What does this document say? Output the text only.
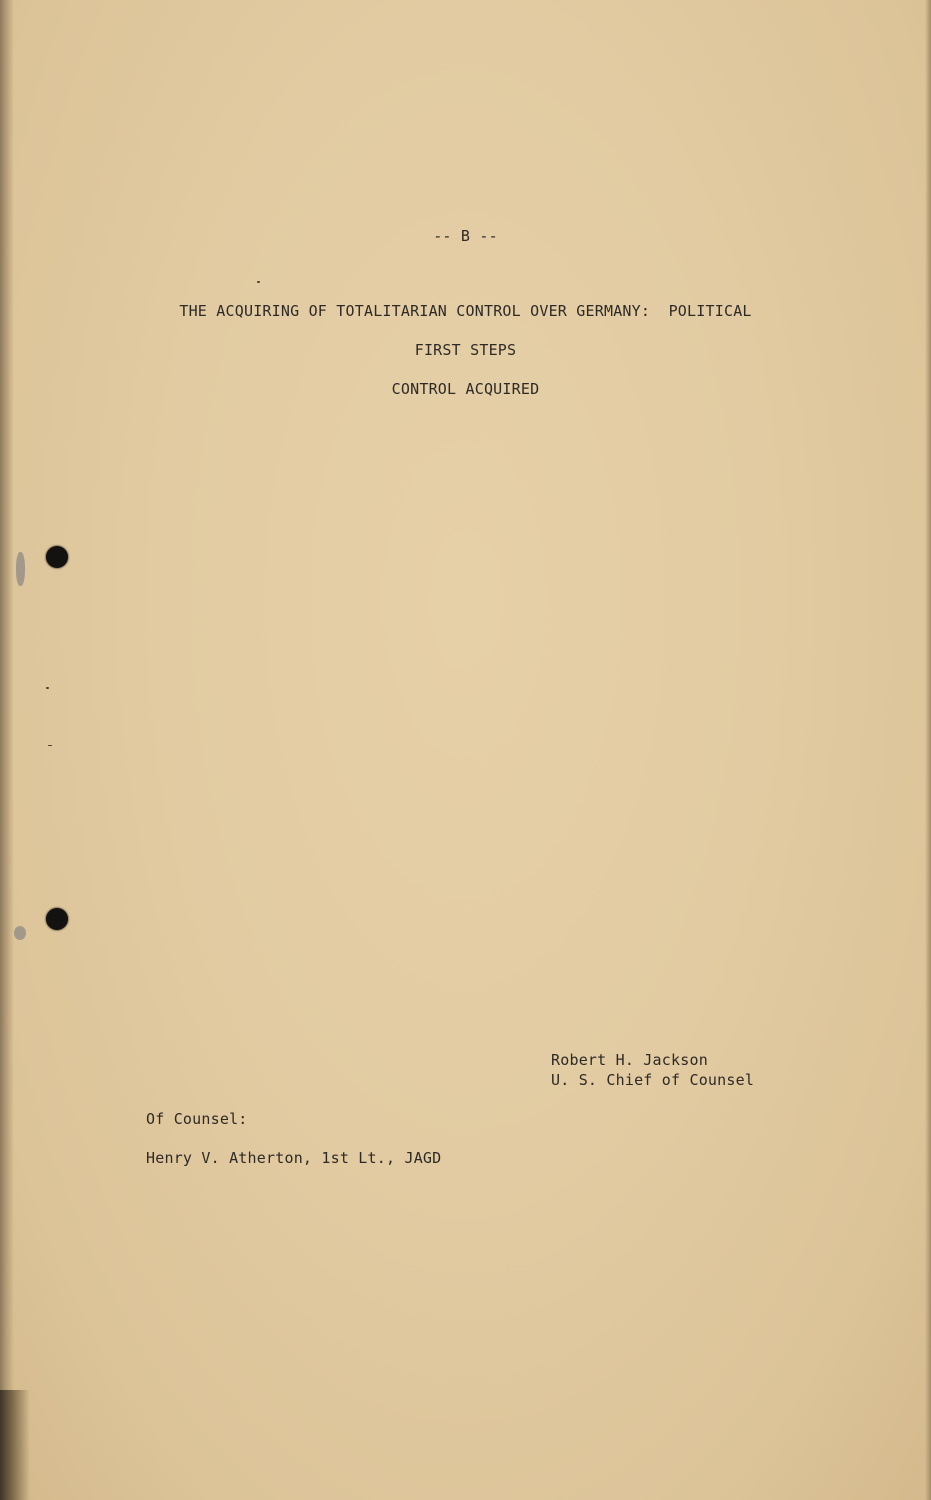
-- B --
THE ACQUIRING OF TOTALITARIAN CONTROL OVER GERMANY:  POLITICAL
FIRST STEPS
CONTROL ACQUIRED
Robert H. Jackson
U. S. Chief of Counsel
Of Counsel:
Henry V. Atherton, 1st Lt., JAGD
